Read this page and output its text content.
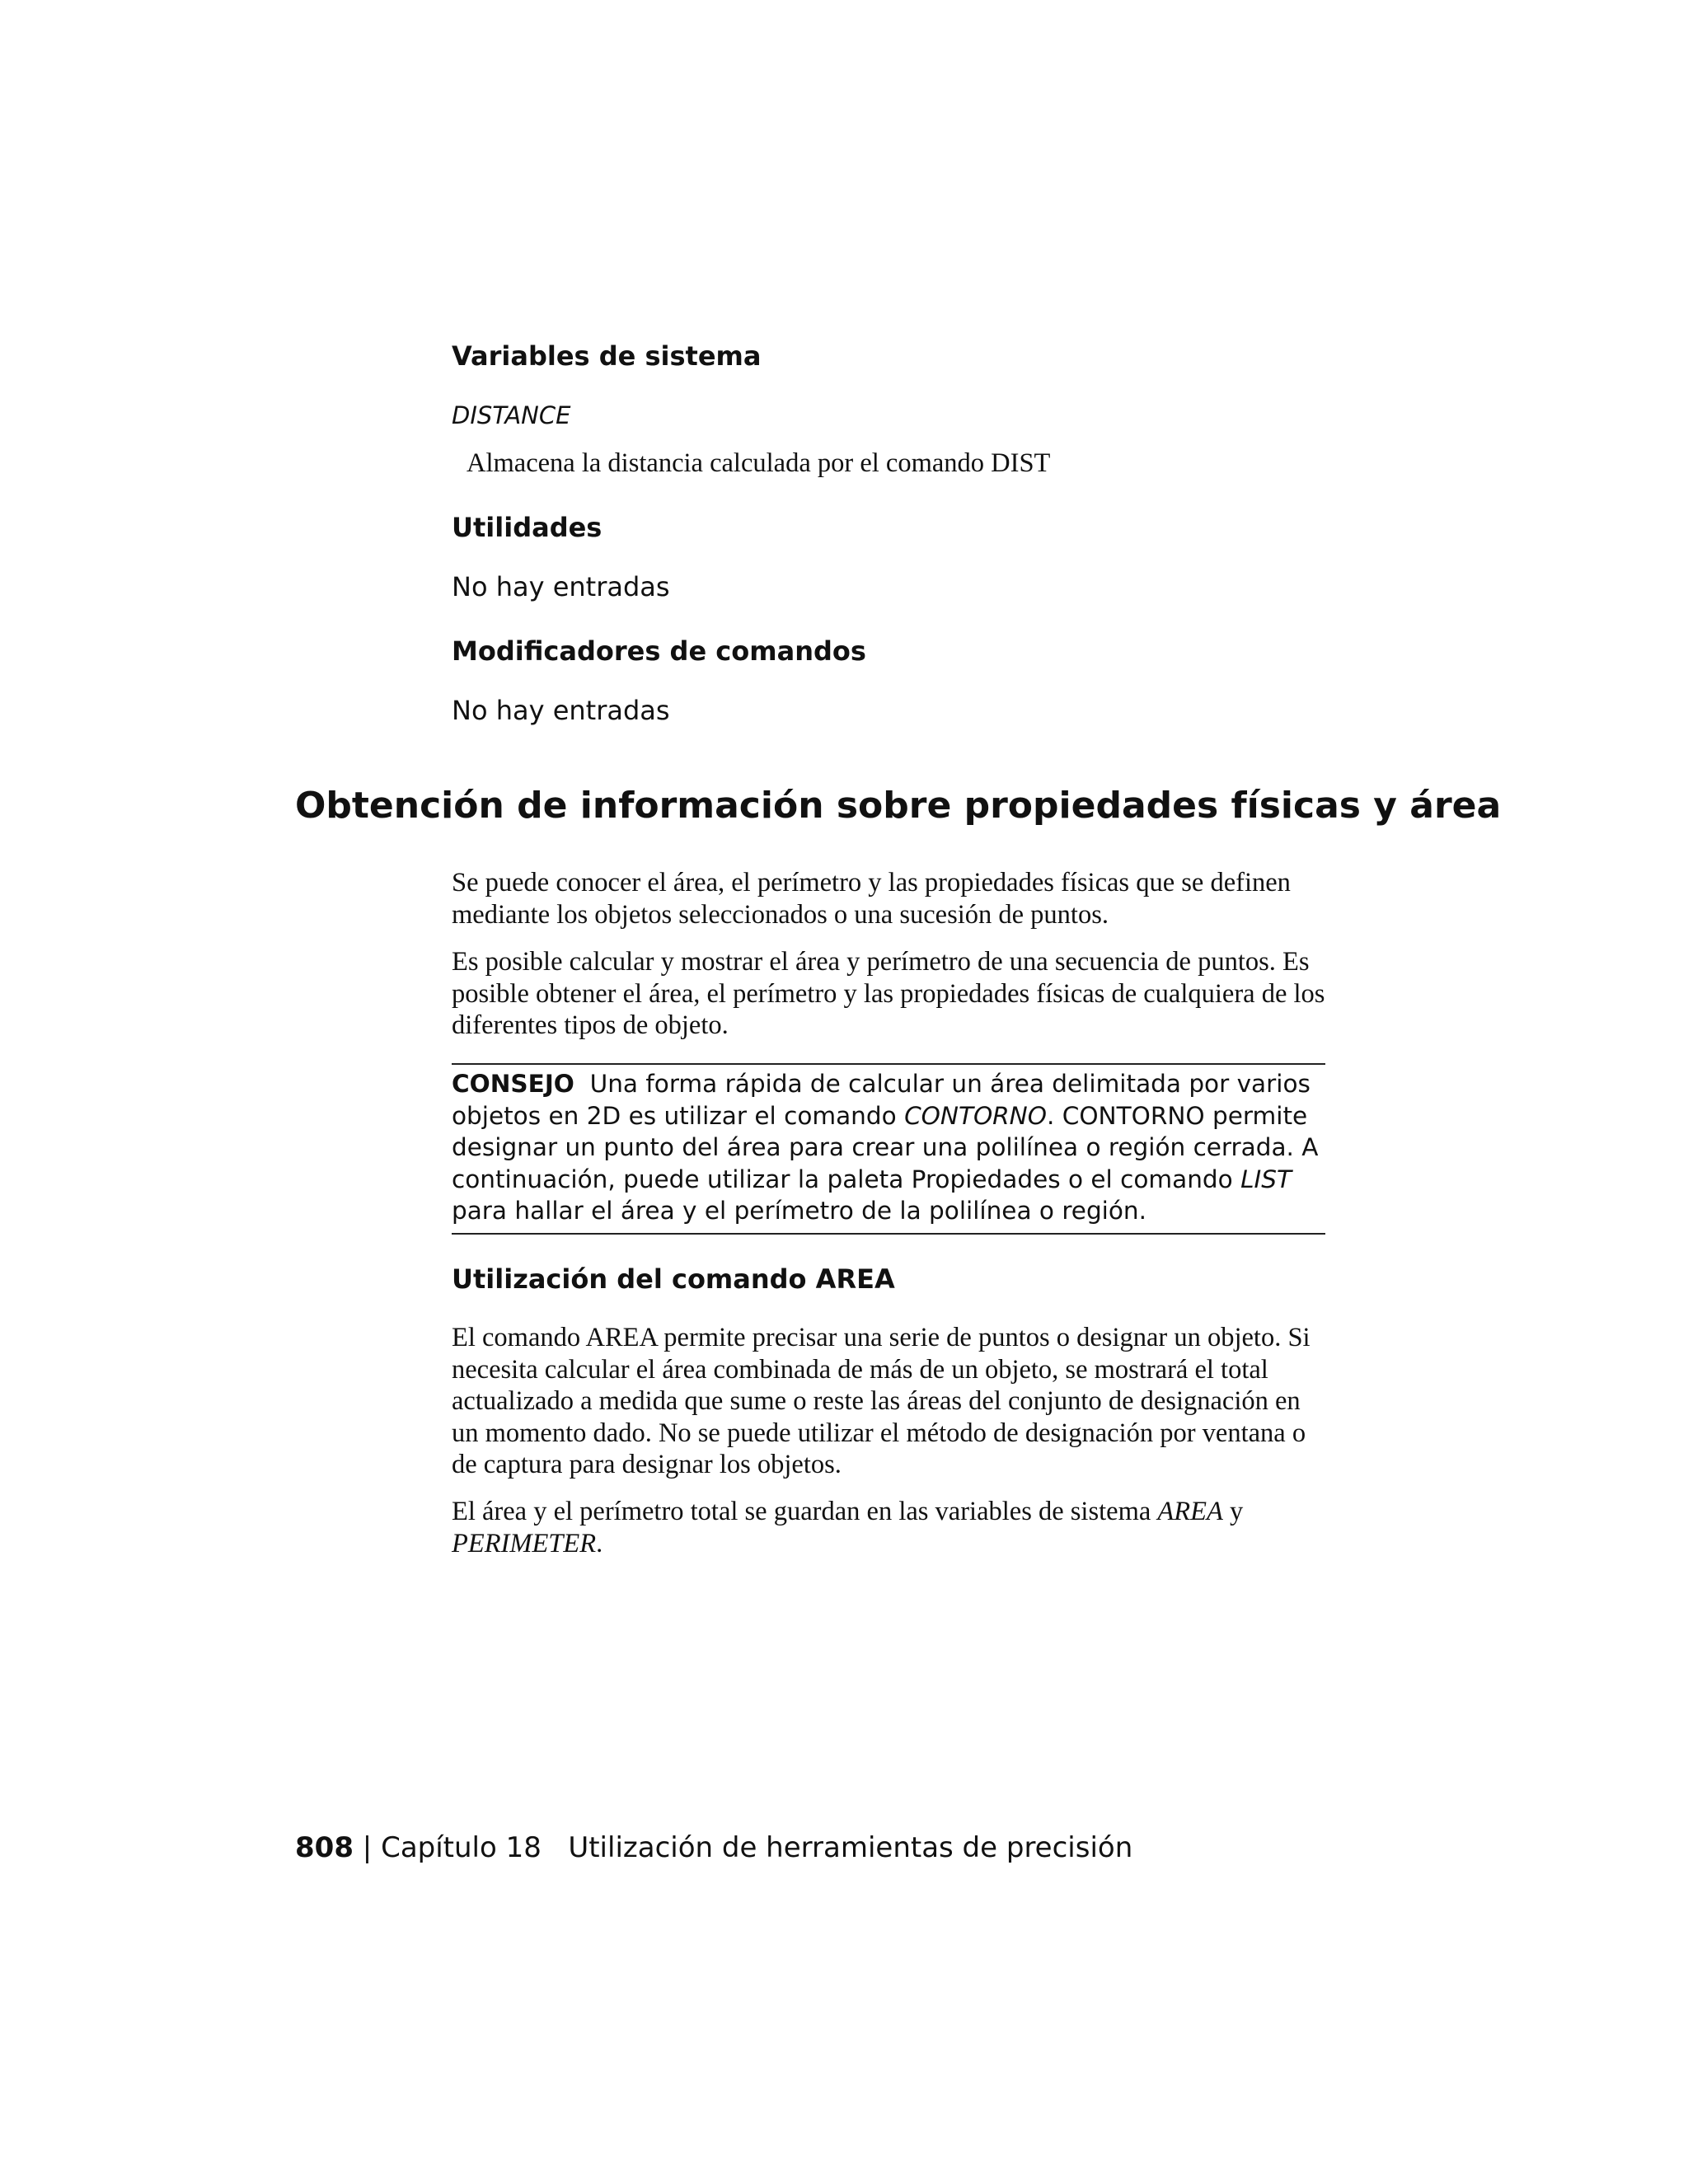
Variables de sistema

DISTANCE

Almacena la distancia calculada por el comando DIST

Utilidades

No hay entradas

Modificadores de comandos

No hay entradas

Obtención de información sobre propiedades físicas y área

Se puede conocer el área, el perímetro y las propiedades físicas que se definen mediante los objetos seleccionados o una sucesión de puntos.

Es posible calcular y mostrar el área y perímetro de una secuencia de puntos. Es posible obtener el área, el perímetro y las propiedades físicas de cualquiera de los diferentes tipos de objeto.

CONSEJO Una forma rápida de calcular un área delimitada por varios objetos en 2D es utilizar el comando CONTORNO. CONTORNO permite designar un punto del área para crear una polilínea o región cerrada. A continuación, puede utilizar la paleta Propiedades o el comando LIST para hallar el área y el perímetro de la polilínea o región.

Utilización del comando AREA

El comando AREA permite precisar una serie de puntos o designar un objeto. Si necesita calcular el área combinada de más de un objeto, se mostrará el total actualizado a medida que sume o reste las áreas del conjunto de designación en un momento dado. No se puede utilizar el método de designación por ventana o de captura para designar los objetos.

El área y el perímetro total se guardan en las variables de sistema AREA y PERIMETER.

808 | Capítulo 18 Utilización de herramientas de precisión
